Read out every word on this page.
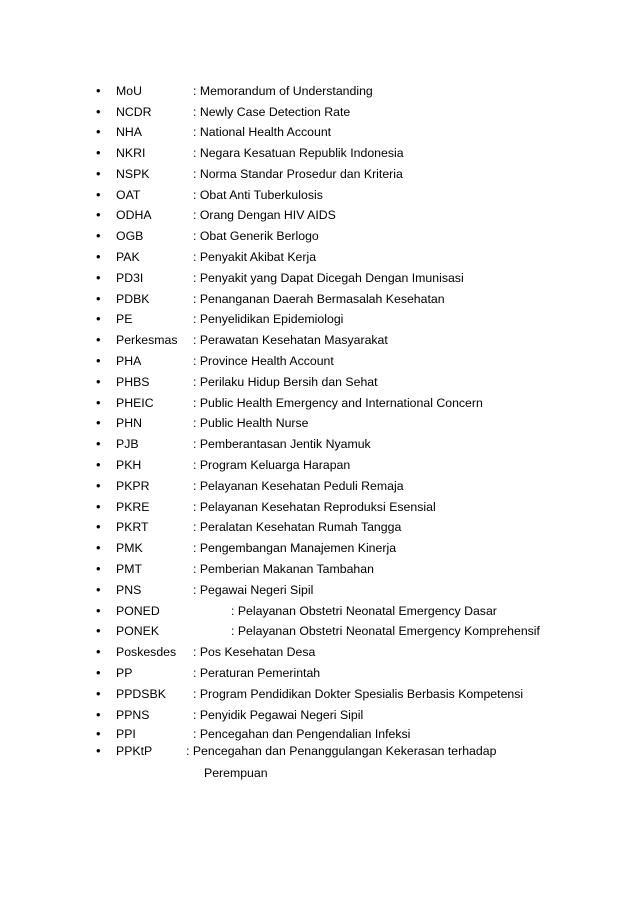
• MoU	: Memorandum of Understanding
• NCDR	: Newly Case Detection Rate
• NHA	: National Health Account
• NKRI	: Negara Kesatuan Republik Indonesia
• NSPK	: Norma Standar Prosedur dan Kriteria
• OAT	: Obat Anti Tuberkulosis
• ODHA	: Orang Dengan HIV AIDS
• OGB	: Obat Generik Berlogo
• PAK	: Penyakit Akibat Kerja
• PD3I	: Penyakit yang Dapat Dicegah Dengan Imunisasi
• PDBK	: Penanganan Daerah Bermasalah Kesehatan
• PE	: Penyelidikan Epidemiologi
• Perkesmas : Perawatan Kesehatan Masyarakat
• PHA	: Province Health Account
• PHBS	: Perilaku Hidup Bersih dan Sehat
• PHEIC	: Public Health Emergency and International Concern
• PHN	: Public Health Nurse
• PJB	: Pemberantasan Jentik Nyamuk
• PKH	: Program Keluarga Harapan
• PKPR	: Pelayanan Kesehatan Peduli Remaja
• PKRE	: Pelayanan Kesehatan Reproduksi Esensial
• PKRT	: Peralatan Kesehatan Rumah Tangga
• PMK	: Pengembangan Manajemen Kinerja
• PMT	: Pemberian Makanan Tambahan
• PNS	: Pegawai Negeri Sipil
• PONED	: Pelayanan Obstetri Neonatal Emergency Dasar
• PONEK	: Pelayanan Obstetri Neonatal Emergency Komprehensif
• Poskesdes : Pos Kesehatan Desa
• PP	: Peraturan Pemerintah
• PPDSBK : Program Pendidikan Dokter Spesialis Berbasis Kompetensi
• PPNS	: Penyidik Pegawai Negeri Sipil
• PPI	: Pencegahan dan Pengendalian Infeksi
• PPKtP	: Pencegahan dan Penanggulangan Kekerasan terhadap
Perempuan
